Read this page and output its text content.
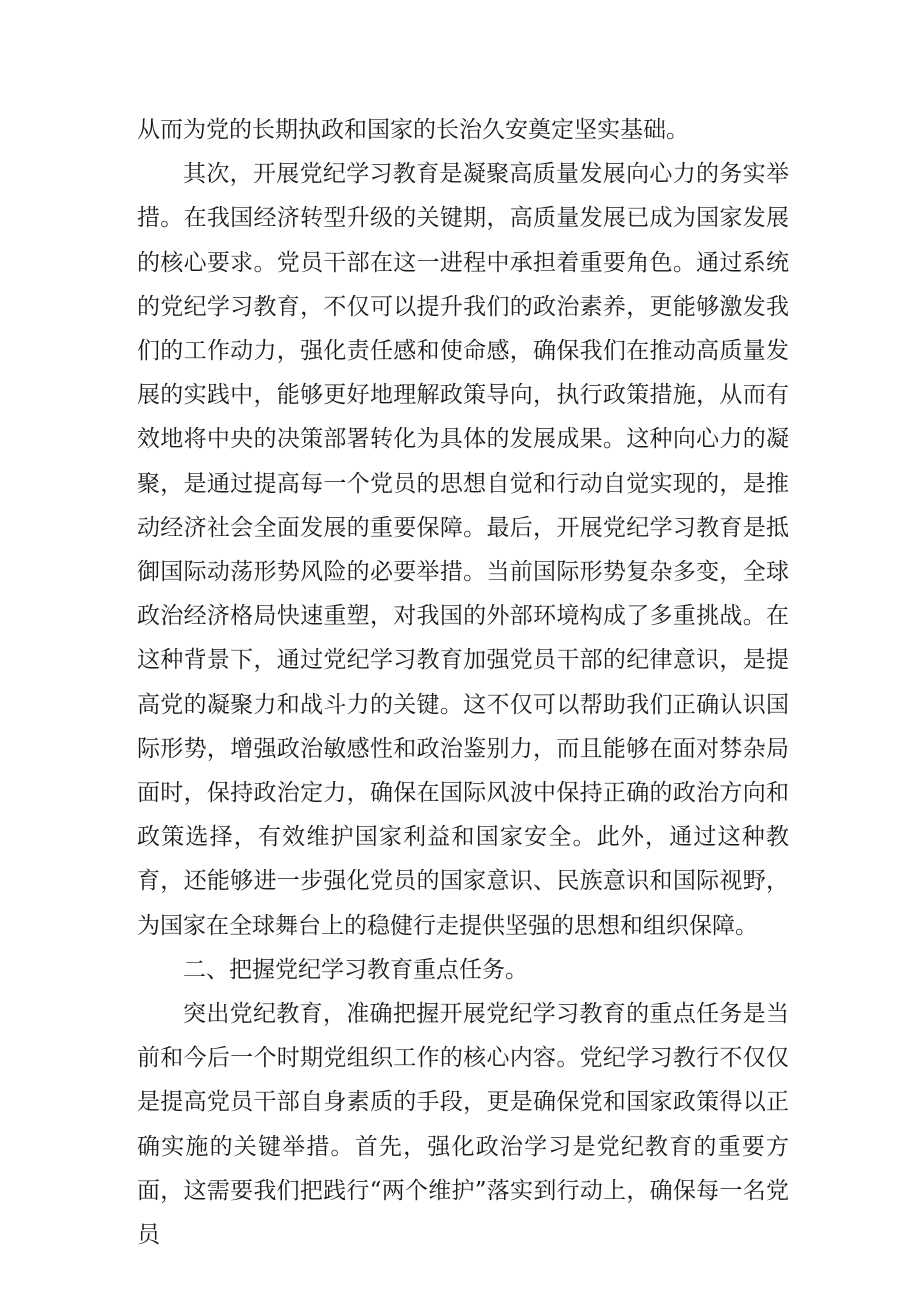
从而为党的长期执政和国家的长治久安奠定坚实基础。

其次，开展党纪学习教育是凝聚高质量发展向心力的务实举措。在我国经济转型升级的关键期，高质量发展已成为国家发展的核心要求。党员干部在这一进程中承担着重要角色。通过系统的党纪学习教育，不仅可以提升我们的政治素养，更能够激发我们的工作动力，强化责任感和使命感，确保我们在推动高质量发展的实践中，能够更好地理解政策导向，执行政策措施，从而有效地将中央的决策部署转化为具体的发展成果。这种向心力的凝聚，是通过提高每一个党员的思想自觉和行动自觉实现的，是推动经济社会全面发展的重要保障。最后，开展党纪学习教育是抵御国际动荡形势风险的必要举措。当前国际形势复杂多变，全球政治经济格局快速重塑，对我国的外部环境构成了多重挑战。在这种背景下，通过党纪学习教育加强党员干部的纪律意识，是提高党的凝聚力和战斗力的关键。这不仅可以帮助我们正确认识国际形势，增强政治敏感性和政治鉴别力，而且能够在面对棼杂局面时，保持政治定力，确保在国际风波中保持正确的政治方向和政策选择，有效维护国家利益和国家安全。此外，通过这种教育，还能够进一步强化党员的国家意识、民族意识和国际视野，为国家在全球舞台上的稳健行走提供坚强的思想和组织保障。

二、把握党纪学习教育重点任务。

突出党纪教育，准确把握开展党纪学习教育的重点任务是当前和今后一个时期党组织工作的核心内容。党纪学习教行不仅仅是提高党员干部自身素质的手段，更是确保党和国家政策得以正确实施的关键举措。首先，强化政治学习是党纪教育的重要方面，这需要我们把践行“两个维护”落实到行动上，确保每一名党员
